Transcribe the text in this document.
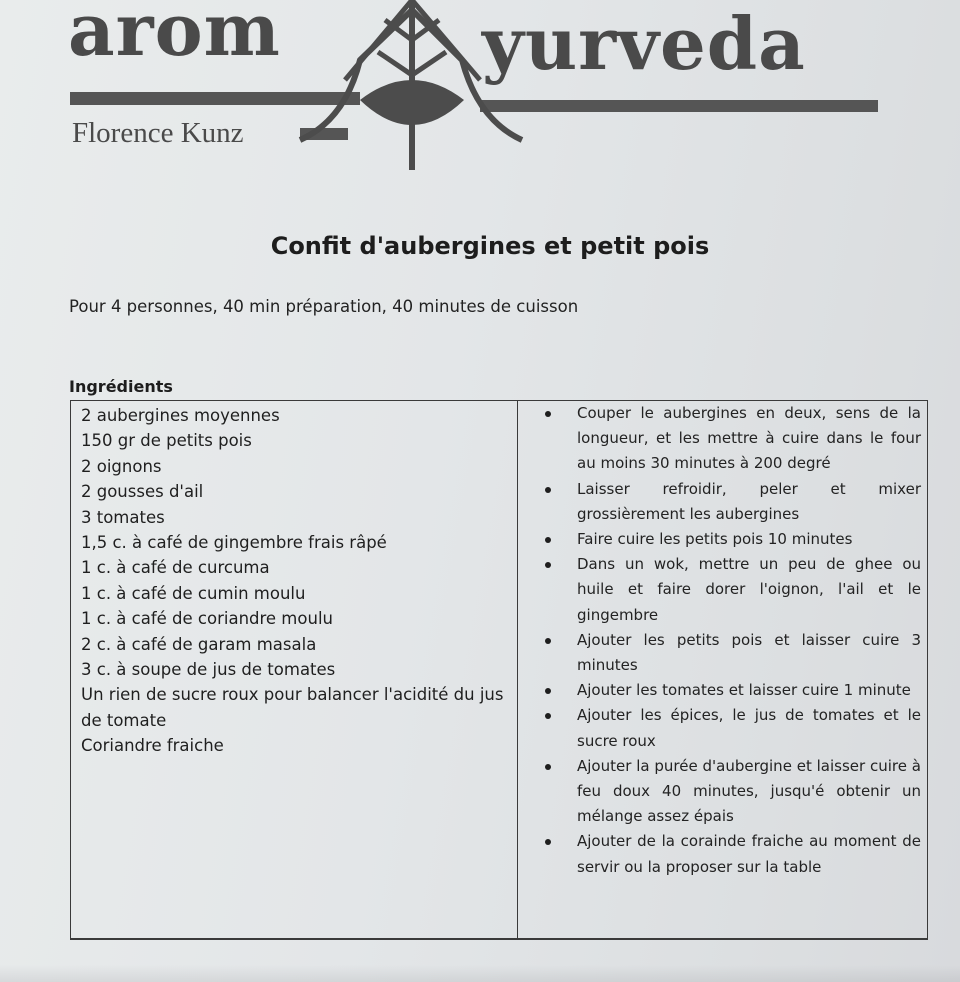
arom	yurveda
Florence Kunz
Confit d'aubergines et petit pois
Pour 4 personnes, 40 min préparation, 40 minutes de cuisson
Ingrédients
2 aubergines moyennes
150 gr de petits pois
2 oignons
2 gousses d'ail
3 tomates
1,5 c. à café de gingembre frais râpé
1 c. à café de curcuma
1 c. à café de cumin moulu
1 c. à café de coriandre moulu
2 c. à café de garam masala
3 c. à soupe de jus de tomates
Un rien de sucre roux pour balancer l'acidité du jus de tomate
Coriandre fraiche
Couper le aubergines en deux, sens de la longueur, et les mettre à cuire dans le four au moins 30 minutes à 200 degré
Laisser refroidir, peler et mixer grossièrement les aubergines
Faire cuire les petits pois 10 minutes
Dans un wok, mettre un peu de ghee ou huile et faire dorer l'oignon, l'ail et le gingembre
Ajouter les petits pois et laisser cuire 3 minutes
Ajouter les tomates et laisser cuire 1 minute
Ajouter les épices, le jus de tomates et le sucre roux
Ajouter la purée d'aubergine et laisser cuire à feu doux 40 minutes, jusqu'é obtenir un mélange assez épais
Ajouter de la corainde fraiche au moment de servir ou la proposer sur la table
